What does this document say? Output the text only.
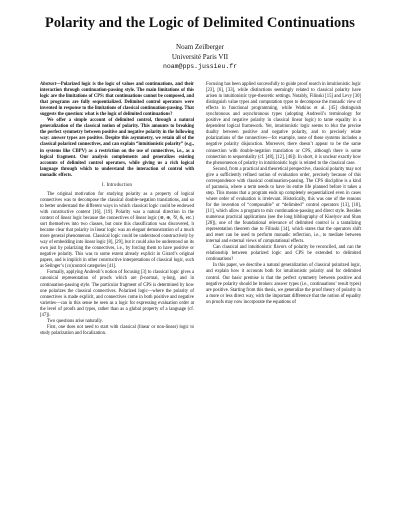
Polarity and the Logic of Delimited Continuations
Noam Zeilberger
Université Paris VII
noam@pps.jussieu.fr

Abstract—Polarized logic is the logic of values and continuations, and their interaction through continuation-passing style. The main limitations of this logic are the limitations of CPS: that continuations cannot be composed, and that programs are fully sequentialized. Delimited control operators were invented in response to the limitations of classical continuation-passing. That suggests the question: what is the logic of delimited continuations?

We offer a simple account of delimited control, through a natural generalization of the classical notion of polarity. This amounts to breaking the perfect symmetry between positive and negative polarity in the following way: answer types are positive. Despite this asymmetry, we retain all of the classical polarized connectives, and can explain “intuitionistic polarity” (e.g., in systems like CBPV) as a restriction on the use of connectives, i.e., as a logical fragment. Our analysis complements and generalizes existing accounts of delimited control operators, while giving us a rich logical language through which to understand the interaction of control with monadic effects.

I. Introduction

The original motivation for studying polarity as a property of logical connectives was to decompose the classical double-negation translations, and so to better understand the different ways in which classical logic could be endowed with constructive content [16], [19]. Polarity was a natural direction in the context of linear logic because the connectives of linear logic (⊗, ⊕, ⅋, &, etc.) sort themselves into two classes, but once this classification was discovered, it became clear that polarity in linear logic was an elegant demonstration of a much more general phenomenon. Classical logic could be understood constructively by way of embedding into linear logic [8], [29], but it could also be understood on its own just by polarizing the connectives, i.e., by forcing them to have positive or negative polarity. This was to some extent already explicit in Girard’s original papers, and is implicit in other constructive interpretations of classical logic, such as Selinger’s (co)control categories [41].

Formally, applying Andreoli’s notion of focusing [3] to classical logic gives a canonical representation of proofs which are β-normal, η-long, and in continuation-passing style. The particular fragment of CPS is determined by how one polarizes the classical connectives. Polarized logic—where the polarity of connectives is made explicit, and connectives come in both positive and negative varieties—can in this sense be seen as a logic for expressing evaluation order at the level of proofs and types, rather than as a global property of a language (cf. [47]).

Two questions arise naturally.

First, one does not need to start with classical (linear or non-linear) logic to study polarization and focalization.

Focusing has been applied successfully to guide proof search in intuitionistic logic [23], [6], [33], while distinctions seemingly related to classical polarity have arisen in intuitionistic type-theoretic settings. Notably, Filinski [15] and Levy [30] distinguish value types and computation types to decompose the monadic view of effects in functional programming, while Watkins et al. [45] distinguish synchronous and asynchronous types (adopting Andreoli’s terminology for positive and negative polarity in classical linear logic) to tame equality in a dependent logical framework. Yet, intuitionistic logic seems to blur the precise duality between positive and negative polarity, and to precisely relate polarizations of the connectives—for example, none of these systems includes a negative polarity disjunction. Moreover, there doesn’t appear to be the same connection with double-negation translation or CPS, although there is some connection to sequentiality (cf. [48], [12], [46]). In short, it is unclear exactly how the phenomenon of polarity in intuitionistic logic is related to the classical case.

Second, from a practical and theoretical perspective, classical polarity may not give a sufficiently refined notion of evaluation order, precisely because of this correspondence with classical continuation-passing. The CPS discipline is a kind of paranoia, where a term needs to have its entire life planned before it takes a step. This means that a program ends up completely sequentialized even in cases where order of evaluation is irrelevant. Historically, this was one of the reasons for the invention of “composable” or “delimited” control operators [13], [10], [11], which allow a program to mix continuation-passing and direct style. Besides numerous practical applications (see the long bibliography of Kiselyov and Shan [28]), one of the foundational relevance of delimited control is a tantalizing representation theorem due to Filinski [14], which states that the operators shift and reset can be used to perform monadic reflection, i.e., to mediate between internal and external views of computational effects.

Can classical and intuitionistic flavors of polarity be reconciled, and can the relationship between polarized logic and CPS be extended to delimited continuations?

In this paper, we describe a natural generalization of classical polarized logic, and explain how it accounts both for intuitionistic polarity and for delimited control. Our basic premise is that the perfect symmetry between positive and negative polarity should be broken: answer types (i.e., continuations’ result types) are positive. Starting from this thesis, we generalize the proof theory of polarity in a more or less direct way, with the important difference that the notion of equality on proofs may now incorporate the equations of
